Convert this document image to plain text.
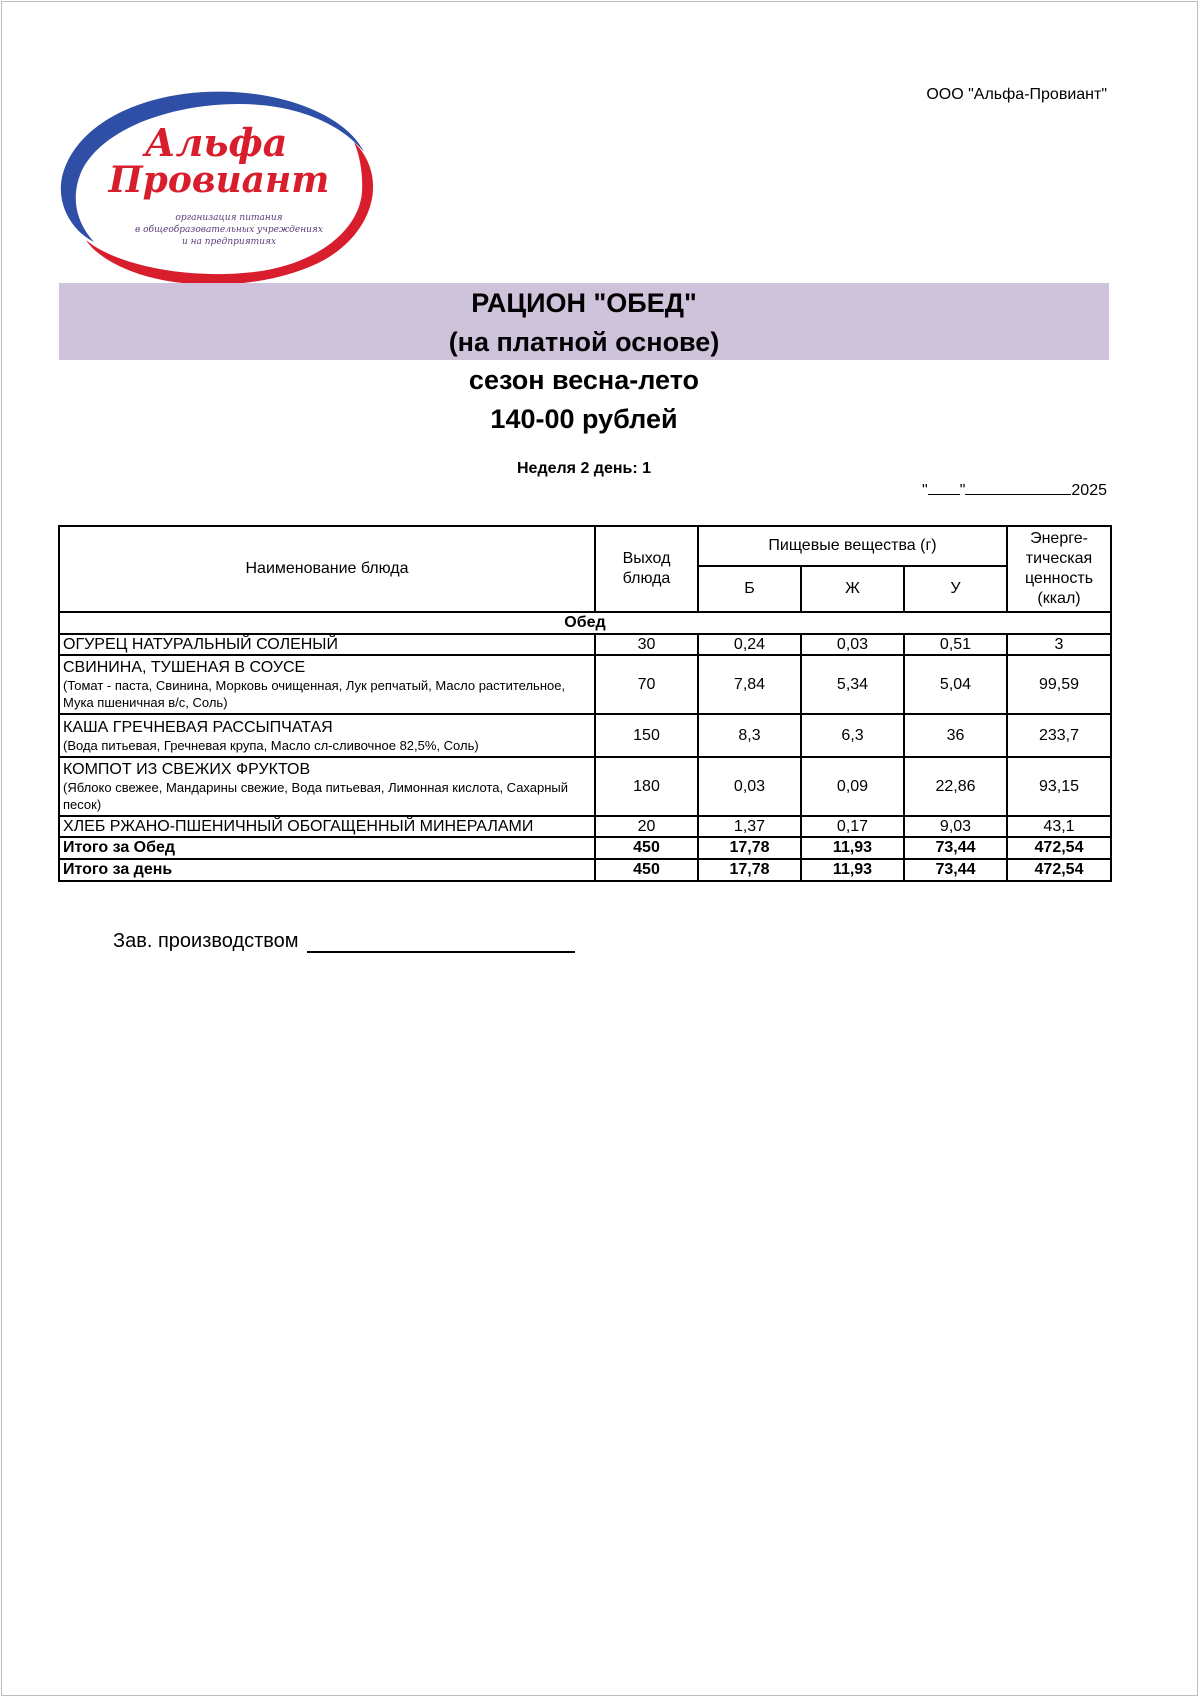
ООО "Альфа-Провиант"
Альфа
Провиант
организация питания
в общеобразовательных учреждениях
и на предприятиях
РАЦИОН "ОБЕД"
(на платной основе)
сезон весна-лето
140-00 рублей
Неделя 2 день: 1
" "	2025
Наименование блюда	Выход блюда	Пищевые вещества (г)			Энерге-тическая ценность (ккал)
		Б	Ж	У	
Обед					

ОГУРЕЦ НАТУРАЛЬНЫЙ СОЛЕНЫЙ	30	0,24	0,03	0,51	3

СВИНИНА, ТУШЕНАЯ В СОУСЕ
(Томат - паста, Свинина, Морковь очищенная, Лук репчатый, Масло растительное, Мука пшеничная в/с, Соль)	70	7,84	5,34	5,04	99,59

КАША ГРЕЧНЕВАЯ РАССЫПЧАТАЯ
(Вода питьевая, Гречневая крупа, Масло сл-сливочное 82,5%, Соль)	150	8,3	6,3	36	233,7

КОМПОТ ИЗ СВЕЖИХ ФРУКТОВ
(Яблоко свежее, Мандарины свежие, Вода питьевая, Лимонная кислота, Сахарный песок)	180	0,03	0,09	22,86	93,15

ХЛЕБ РЖАНО-ПШЕНИЧНЫЙ ОБОГАЩЕННЫЙ МИНЕРАЛАМИ	20	1,37	0,17	9,03	43,1
Итого за Обед	450	17,78	11,93	73,44	472,54
Итого за день	450	17,78	11,93	73,44	472,54
Зав. производством
